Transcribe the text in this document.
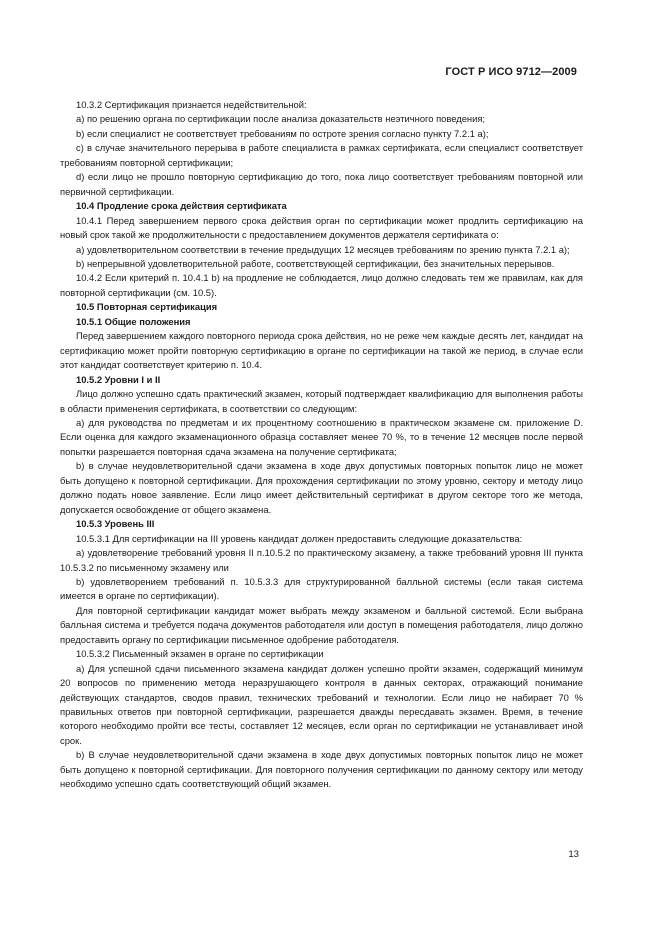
ГОСТ Р ИСО 9712—2009

10.3.2 Сертификация признается недействительной:

a) по решению органа по сертификации после анализа доказательств неэтичного поведения;

b) если специалист не соответствует требованиям по остроте зрения согласно пункту 7.2.1 a);

c) в случае значительного перерыва в работе специалиста в рамках сертификата, если специалист соответствует требованиям повторной сертификации;

d) если лицо не прошло повторную сертификацию до того, пока лицо соответствует требованиям повторной или первичной сертификации.

10.4 Продление срока действия сертификата

10.4.1 Перед завершением первого срока действия орган по сертификации может продлить сертификацию на новый срок такой же продолжительности с предоставлением документов держателя сертификата о:

a) удовлетворительном соответствии в течение предыдущих 12 месяцев требованиям по зрению пункта 7.2.1 a);

b) непрерывной удовлетворительной работе, соответствующей сертификации, без значительных перерывов.

10.4.2 Если критерий п. 10.4.1 b) на продление не соблюдается, лицо должно следовать тем же правилам, как для повторной сертификации (см. 10.5).

10.5 Повторная сертификация

10.5.1 Общие положения

Перед завершением каждого повторного периода срока действия, но не реже чем каждые десять лет, кандидат на сертификацию может пройти повторную сертификацию в органе по сертификации на такой же период, в случае если этот кандидат соответствует критерию п. 10.4.

10.5.2 Уровни I и II

Лицо должно успешно сдать практический экзамен, который подтверждает квалификацию для выполнения работы в области применения сертификата, в соответствии со следующим:

a) для руководства по предметам и их процентному соотношению в практическом экзамене см. приложение D. Если оценка для каждого экзаменационного образца составляет менее 70 %, то в течение 12 месяцев после первой попытки разрешается повторная сдача экзамена на получение сертификата;

b) в случае неудовлетворительной сдачи экзамена в ходе двух допустимых повторных попыток лицо не может быть допущено к повторной сертификации. Для прохождения сертификации по этому уровню, сектору и методу лицо должно подать новое заявление. Если лицо имеет действительный сертификат в другом секторе того же метода, допускается освобождение от общего экзамена.

10.5.3 Уровень III

10.5.3.1 Для сертификации на III уровень кандидат должен предоставить следующие доказательства:

a) удовлетворение требований уровня II п.10.5.2 по практическому экзамену, а также требований уровня III пункта 10.5.3.2 по письменному экзамену или

b) удовлетворением требований п. 10.5.3.3 для структурированной балльной системы (если такая система имеется в органе по сертификации).

Для повторной сертификации кандидат может выбрать между экзаменом и балльной системой. Если выбрана балльная система и требуется подача документов работодателя или доступ в помещения работодателя, лицо должно предоставить органу по сертификации письменное одобрение работодателя.

10.5.3.2 Письменный экзамен в органе по сертификации

a) Для успешной сдачи письменного экзамена кандидат должен успешно пройти экзамен, содержащий минимум 20 вопросов по применению метода неразрушающего контроля в данных секторах, отражающий понимание действующих стандартов, сводов правил, технических требований и технологии. Если лицо не набирает 70 % правильных ответов при повторной сертификации, разрешается дважды пересдавать экзамен. Время, в течение которого необходимо пройти все тесты, составляет 12 месяцев, если орган по сертификации не устанавливает иной срок.

b) В случае неудовлетворительной сдачи экзамена в ходе двух допустимых повторных попыток лицо не может быть допущено к повторной сертификации. Для повторного получения сертификации по данному сектору или методу необходимо успешно сдать соответствующий общий экзамен.

13
